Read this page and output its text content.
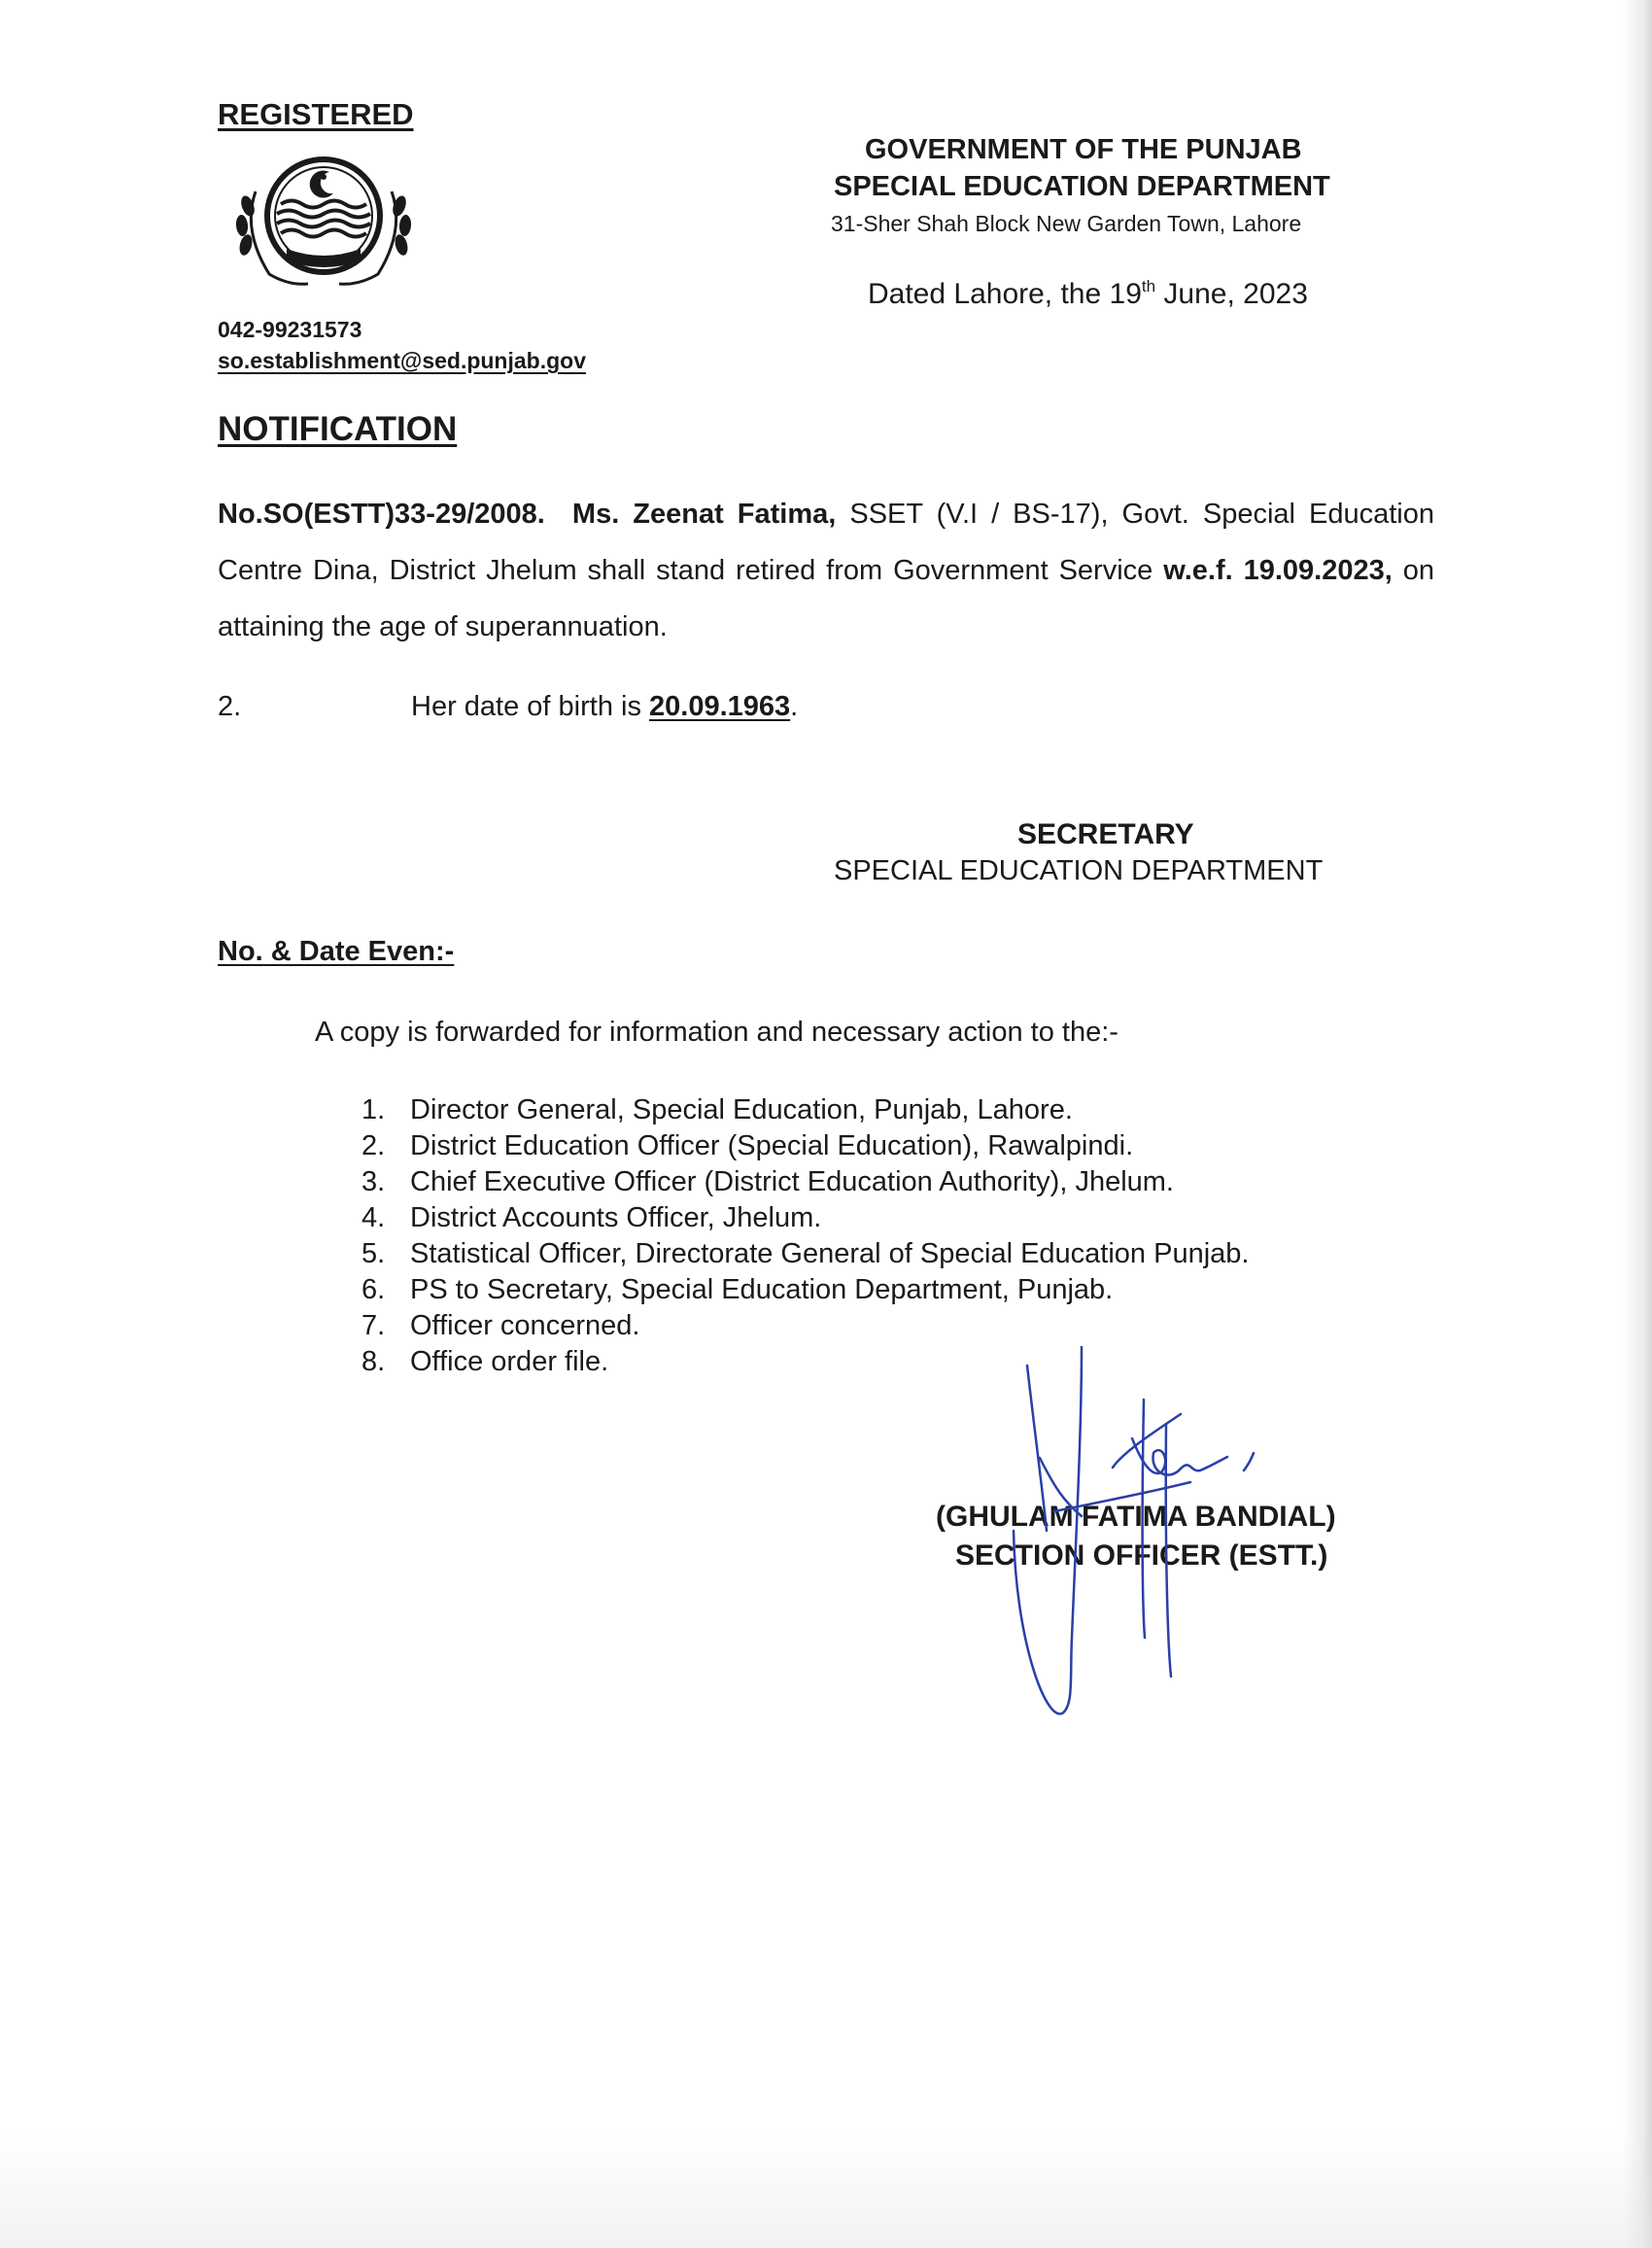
REGISTERED
042-99231573
so.establishment@sed.punjab.gov
GOVERNMENT OF THE PUNJAB
SPECIAL EDUCATION DEPARTMENT
31-Sher Shah Block New Garden Town, Lahore
Dated Lahore, the 19th June, 2023
NOTIFICATION
No.SO(ESTT)33-29/2008. Ms. Zeenat Fatima, SSET (V.I / BS-17), Govt. Special Education Centre Dina, District Jhelum shall stand retired from Government Service w.e.f. 19.09.2023, on attaining the age of superannuation.
2.	Her date of birth is 20.09.1963.
SECRETARY
SPECIAL EDUCATION DEPARTMENT
No. & Date Even:-
A copy is forwarded for information and necessary action to the:-
1. Director General, Special Education, Punjab, Lahore.
2. District Education Officer (Special Education), Rawalpindi.
3. Chief Executive Officer (District Education Authority), Jhelum.
4. District Accounts Officer, Jhelum.
5. Statistical Officer, Directorate General of Special Education Punjab.
6. PS to Secretary, Special Education Department, Punjab.
7. Officer concerned.
8. Office order file.
(GHULAM FATIMA BANDIAL)
SECTION OFFICER (ESTT.)
